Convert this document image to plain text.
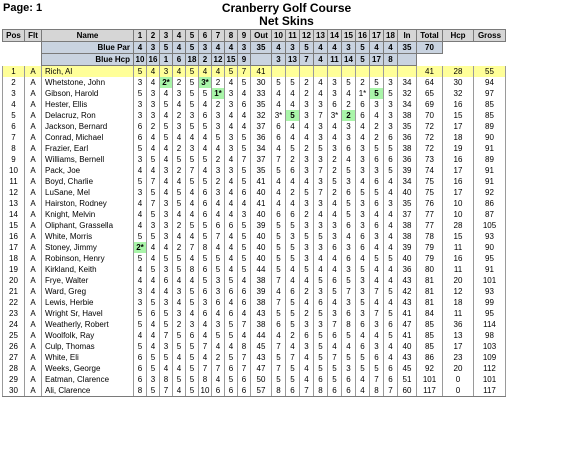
Page: 1	Cranberry Golf Course
Net Skins
Pos	Flt	Name	1	2	3	4	5	6	7	8	9	Out	10	11	12	13	14	15	16	17	18	In	Total	Hcp	Gross
		Blue Par	4	3	5	4	5	3	4	4	3	35	4	3	5	4	4	3	5	4	4	35	70		
		Blue Hcp	10	16	1	6	18	2	12	15	9		3	13	7	4	11	14	5	17	8				
1	A	Rich, Al	5	4	3	4	5	4	4	5	7	41											41	28	55
2	A	Whetstone, John	3	4	2*	2	5	3*	2	4	5	30	5	5	2	4	3	5	2	5	3	34	64	30	94
3	A	Gibson, Harold	5	3	4	3	5	5	1*	3	4	33	4	4	2	4	3	4	1*	5	5	32	65	32	97
4	A	Hester, Ellis	3	3	5	4	5	4	2	3	6	35	4	4	3	3	6	2	6	3	3	34	69	16	85
5	A	Delacruz, Ron	3	3	4	2	3	6	3	4	4	32	3*	5	3	7	3*	2	6	4	3	38	70	15	85
6	A	Jackson, Bernard	6	2	5	3	5	5	3	4	4	37	6	4	4	3	4	3	4	2	3	35	72	17	89
7	A	Conrad, Michael	6	4	5	4	4	4	5	3	5	36	6	4	4	3	4	3	4	2	6	36	72	18	90
8	A	Frazier, Earl	5	4	4	2	3	4	4	3	5	34	4	5	2	5	3	6	3	5	5	38	72	19	91
9	A	Williams, Bernell	3	5	4	5	5	5	2	4	7	37	7	2	3	3	2	4	3	6	6	36	73	16	89
10	A	Pack, Joe	4	4	3	2	7	4	3	3	5	35	5	6	3	7	2	5	3	3	5	39	74	17	91
11	A	Boyd, Charlie	5	7	4	4	5	5	2	4	5	41	4	4	4	3	5	3	4	6	4	34	75	16	91
12	A	LuSane, Mel	3	5	4	5	4	6	3	4	6	40	4	2	5	7	2	6	5	5	4	40	75	17	92
13	A	Hairston, Rodney	4	7	3	5	4	6	4	4	4	41	4	4	3	3	4	5	3	6	3	35	76	10	86
14	A	Knight, Melvin	4	5	3	4	4	6	4	4	3	40	6	6	2	4	4	5	3	4	4	37	77	10	87
15	A	Oliphant, Grassella	4	3	3	2	5	5	6	6	5	39	5	5	3	3	3	6	3	6	4	38	77	28	105
16	A	White, Morris	5	5	3	4	4	5	7	4	5	40	5	3	5	5	3	4	6	3	4	38	78	15	93
17	A	Stoney, Jimmy	2*	4	4	2	7	8	4	4	5	40	5	5	3	3	6	3	6	4	4	39	79	11	90
18	A	Robinson, Henry	5	4	5	5	4	5	5	4	5	40	5	5	3	4	4	6	4	5	5	40	79	16	95
19	A	Kirkland, Keith	4	5	3	5	8	6	5	4	5	44	5	4	5	4	4	3	5	4	4	36	80	11	91
20	A	Frye, Walter	4	4	6	4	4	5	3	5	4	38	7	4	4	5	6	5	3	4	4	43	81	20	101
21	A	Ward, Greg	3	4	4	3	5	6	3	6	6	39	4	6	2	3	5	7	3	7	5	42	81	12	93
22	A	Lewis, Herbie	3	5	3	4	5	3	6	4	6	38	7	5	4	6	4	3	5	4	4	43	81	18	99
23	A	Wright Sr, Havel	5	6	5	3	4	6	4	6	4	43	5	5	2	5	3	6	3	7	5	41	84	11	95
24	A	Weatherly, Robert	5	4	5	2	3	4	3	5	7	38	6	5	3	3	7	8	6	3	6	47	85	36	114
25	A	Woolfolk, Ray	4	4	7	5	6	4	5	5	4	44	4	2	6	5	6	5	4	4	5	41	85	13	98
26	A	Culp, Thomas	5	4	3	5	5	7	4	4	8	45	7	4	3	5	4	4	6	3	4	40	85	17	103
27	A	White, Eli	6	5	5	4	5	4	2	5	7	43	5	7	4	5	7	5	5	6	4	43	86	23	109
28	A	Weeks, George	6	5	4	4	5	7	7	6	7	47	7	5	4	5	5	3	5	5	6	45	92	20	112
29	A	Eatman, Clarence	6	3	8	5	5	8	4	5	6	50	5	5	4	6	5	6	4	7	6	51	101	0	101
30	A	Ali, Clarence	8	5	7	4	5	10	6	6	6	57	8	6	7	8	6	6	4	8	7	60	117	0	117
